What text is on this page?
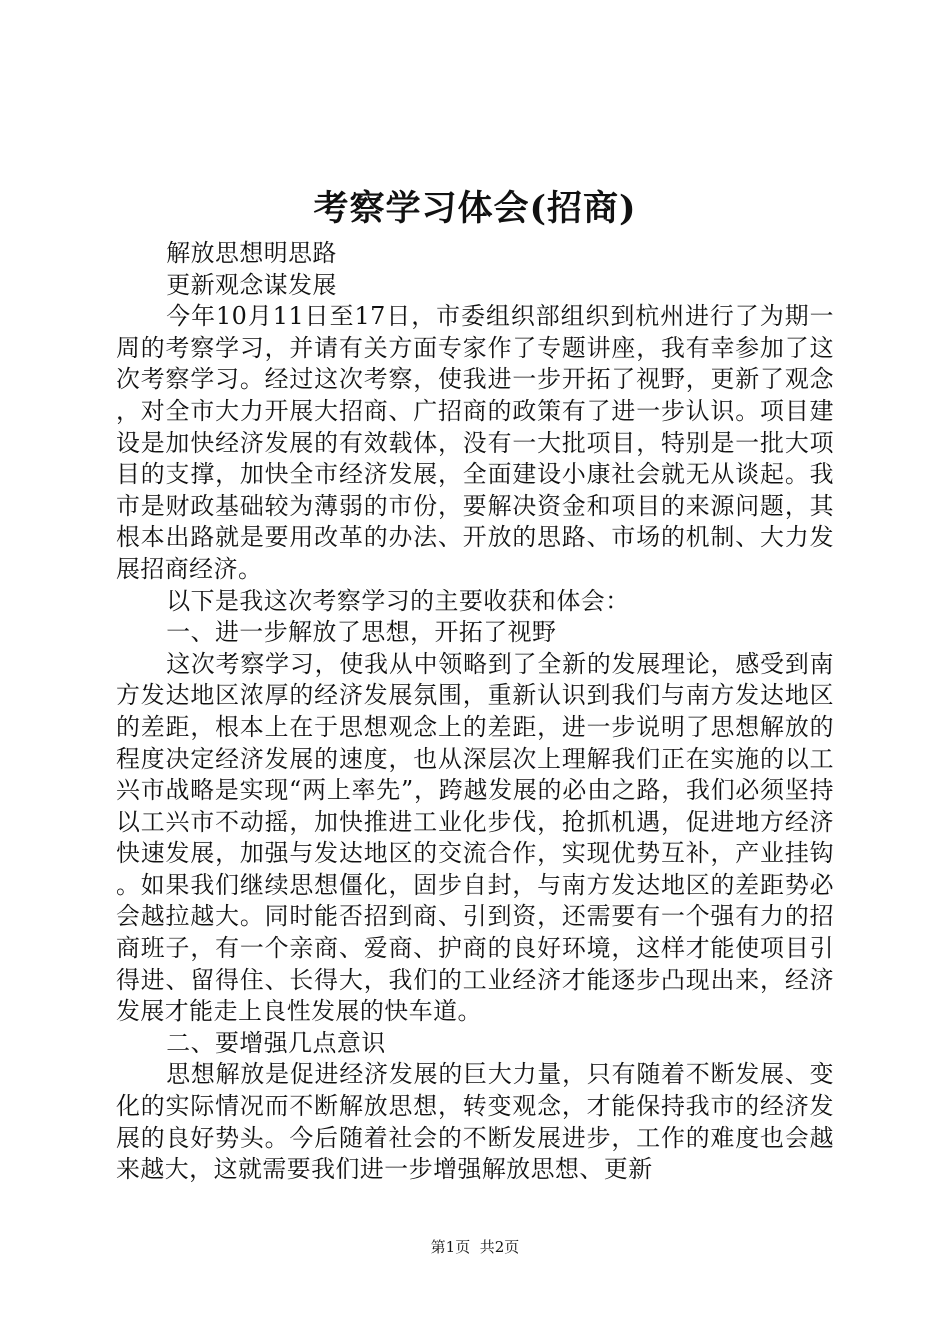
考察学习体会(招商)

解放思想明思路

更新观念谋发展

今年10月11日至17日，市委组织部组织到杭州进行了为期一周的考察学习，并请有关方面专家作了专题讲座，我有幸参加了这次考察学习。经过这次考察，使我进一步开拓了视野，更新了观念，对全市大力开展大招商、广招商的政策有了进一步认识。项目建设是加快经济发展的有效载体，没有一大批项目，特别是一批大项目的支撑，加快全市经济发展，全面建设小康社会就无从谈起。我市是财政基础较为薄弱的市份，要解决资金和项目的来源问题，其根本出路就是要用改革的办法、开放的思路、市场的机制、大力发展招商经济。

以下是我这次考察学习的主要收获和体会：

一、进一步解放了思想，开拓了视野

这次考察学习，使我从中领略到了全新的发展理论，感受到南方发达地区浓厚的经济发展氛围，重新认识到我们与南方发达地区的差距，根本上在于思想观念上的差距，进一步说明了思想解放的程度决定经济发展的速度，也从深层次上理解我们正在实施的以工兴市战略是实现“两上率先”，跨越发展的必由之路，我们必须坚持以工兴市不动摇，加快推进工业化步伐，抢抓机遇，促进地方经济快速发展，加强与发达地区的交流合作，实现优势互补，产业挂钩。如果我们继续思想僵化，固步自封，与南方发达地区的差距势必会越拉越大。同时能否招到商、引到资，还需要有一个强有力的招商班子，有一个亲商、爱商、护商的良好环境，这样才能使项目引得进、留得住、长得大，我们的工业经济才能逐步凸现出来，经济发展才能走上良性发展的快车道。

二、要增强几点意识

思想解放是促进经济发展的巨大力量，只有随着不断发展、变化的实际情况而不断解放思想，转变观念，才能保持我市的经济发展的良好势头。今后随着社会的不断发展进步，工作的难度也会越来越大，这就需要我们进一步增强解放思想、更新

第1页 共2页
